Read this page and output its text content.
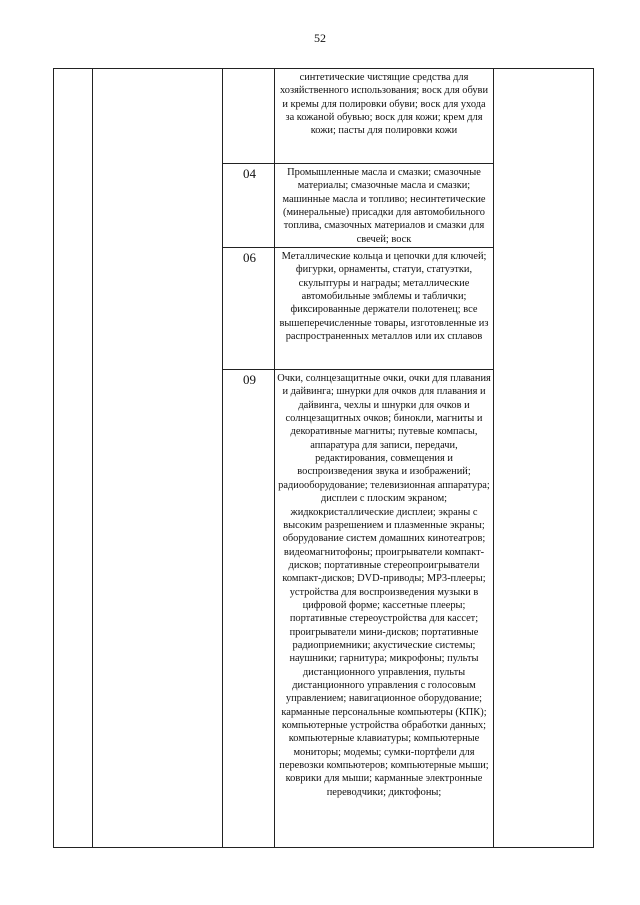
52
			синтетические чистящие средства для хозяйственного использования; воск для обуви и кремы для полировки обуви; воск для ухода за кожаной обувью; воск для кожи; крем для кожи; пасты для полировки кожи	
		04	Промышленные масла и смазки; смазочные материалы; смазочные масла и смазки; машинные масла и топливо; несинтетические (минеральные) присадки для автомобильного топлива, смазочных материалов и смазки для свечей; воск	
		06	Металлические кольца и цепочки для ключей; фигурки, орнаменты, статуи, статуэтки, скульптуры и награды; металлические автомобильные эмблемы и таблички; фиксированные держатели полотенец; все вышеперечисленные товары, изготовленные из распространенных металлов или их сплавов	
		09	Очки, солнцезащитные очки, очки для плавания и дайвинга; шнурки для очков для плавания и дайвинга, чехлы и шнурки для очков и солнцезащитных очков; бинокли, магниты и декоративные магниты; путевые компасы, аппаратура для записи, передачи, редактирования, совмещения и воспроизведения звука и изображений; радиооборудование; телевизионная аппаратура; дисплеи с плоским экраном; жидкокристаллические дисплеи; экраны с высоким разрешением и плазменные экраны; оборудование систем домашних кинотеатров; видеомагнитофоны; проигрыватели компакт-дисков; портативные стереопроигрыватели компакт-дисков; DVD-приводы; MP3-плееры; устройства для воспроизведения музыки в цифровой форме; кассетные плееры; портативные стереоустройства для кассет; проигрыватели мини-дисков; портативные радиоприемники; акустические системы; наушники; гарнитура; микрофоны; пульты дистанционного управления, пульты дистанционного управления с голосовым управлением; навигационное оборудование; карманные персональные компьютеры (КПК); компьютерные устройства обработки данных; компьютерные клавиатуры; компьютерные мониторы; модемы; сумки-портфели для перевозки компьютеров; компьютерные мыши; коврики для мыши; карманные электронные переводчики; диктофоны;	
